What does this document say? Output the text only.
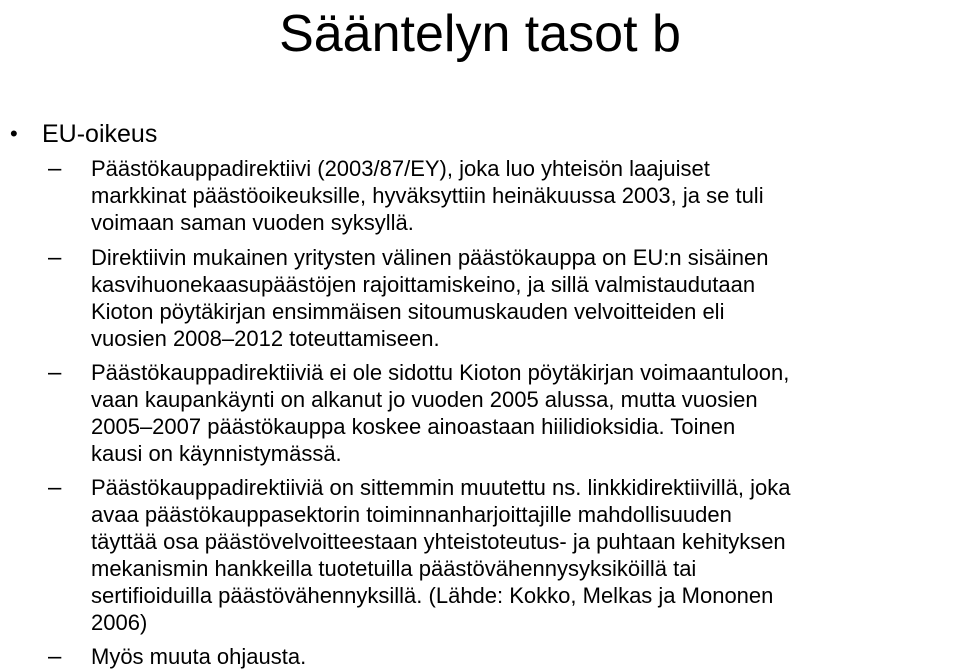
Sääntelyn tasot b
• EU-oikeus
– Päästökauppadirektiivi (2003/87/EY), joka luo yhteisön laajuiset
markkinat päästöoikeuksille, hyväksyttiin heinäkuussa 2003, ja se tuli
voimaan saman vuoden syksyllä.
– Direktiivin mukainen yritysten välinen päästökauppa on EU:n sisäinen
kasvihuonekaasupäästöjen rajoittamiskeino, ja sillä valmistaudutaan
Kioton pöytäkirjan ensimmäisen sitoumuskauden velvoitteiden eli
vuosien 2008–2012 toteuttamiseen.
– Päästökauppadirektiiviä ei ole sidottu Kioton pöytäkirjan voimaantuloon,
vaan kaupankäynti on alkanut jo vuoden 2005 alussa, mutta vuosien
2005–2007 päästökauppa koskee ainoastaan hiilidioksidia. Toinen
kausi on käynnistymässä.
– Päästökauppadirektiiviä on sittemmin muutettu ns. linkkidirektiivillä, joka
avaa päästökauppasektorin toiminnanharjoittajille mahdollisuuden
täyttää osa päästövelvoitteestaan yhteistoteutus- ja puhtaan kehityksen
mekanismin hankkeilla tuotetuilla päästövähennysyksiköillä tai
sertifioiduilla päästövähennyksillä. (Lähde: Kokko, Melkas ja Mononen
2006)
– Myös muuta ohjausta.
